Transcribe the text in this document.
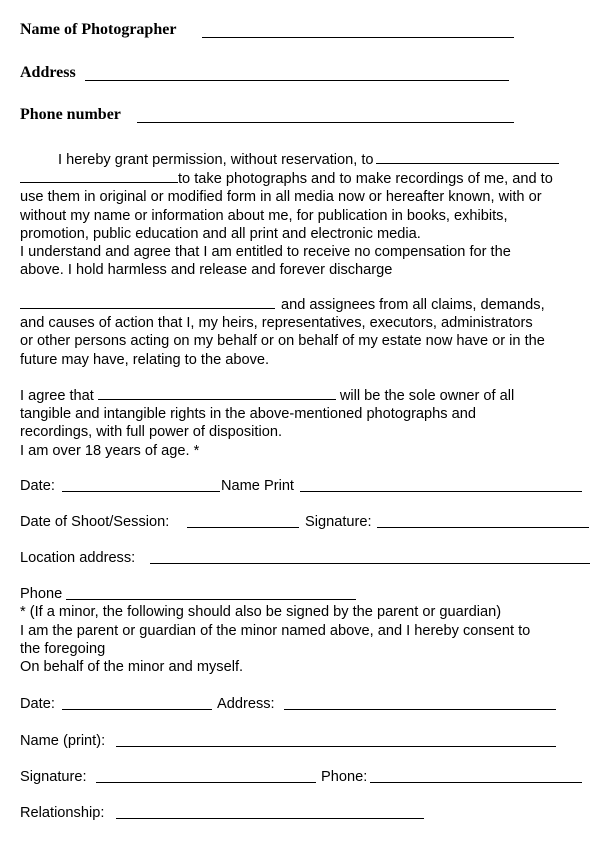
Name of Photographer
Address
Phone number
I hereby grant permission, without reservation, to
to take photographs and to make recordings of me, and to
use them in original or modified form in all media now or hereafter known, with or
without my name or information about me, for publication in books, exhibits,
promotion, public education and all print and electronic media.
I understand and agree that I am entitled to receive no compensation for the
above. I hold harmless and release and forever discharge
and assignees from all claims, demands,
and causes of action that I, my heirs, representatives, executors, administrators
or other persons acting on my behalf or on behalf of my estate now have or in the
future may have, relating to the above.
I agree that	will be the sole owner of all
tangible and intangible rights in the above-mentioned photographs and
recordings, with full power of disposition.
I am over 18 years of age. *
Date:	Name Print
Date of Shoot/Session:	Signature:
Location address:
Phone
* (If a minor, the following should also be signed by the parent or guardian)
I am the parent or guardian of the minor named above, and I hereby consent to
the foregoing
On behalf of the minor and myself.
Date:	Address:
Name (print):
Signature:	Phone:
Relationship:
